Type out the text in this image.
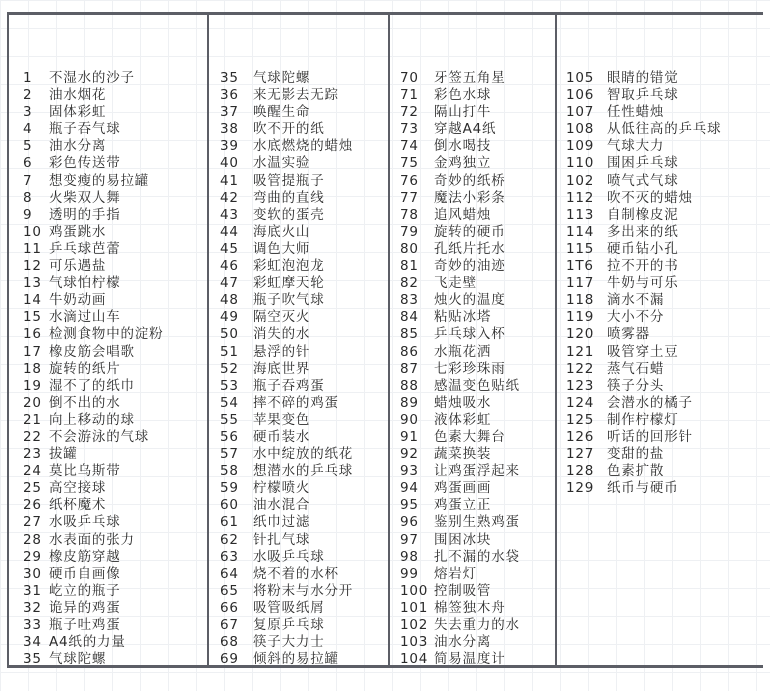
1 不湿水的沙子
2 油水烟花
3 固体彩虹
4 瓶子吞气球
5 油水分离
6 彩色传送带
7 想变瘦的易拉罐
8 火柴双人舞
9 透明的手指
10 鸡蛋跳水
11 乒乓球芭蕾
12 可乐遇盐
13 气球怕柠檬
14 牛奶动画
15 水滴过山车
16 检测食物中的淀粉
17 橡皮筋会唱歌
18 旋转的纸片
19 湿不了的纸巾
20 倒不出的水
21 向上移动的球
22 不会游泳的气球
23 拔罐
24 莫比乌斯带
25 高空接球
26 纸杯魔术
27 水吸乒乓球
28 水表面的张力
29 橡皮筋穿越
30 硬币自画像
31 屹立的瓶子
32 诡异的鸡蛋
33 瓶子吐鸡蛋
34 A4纸的力量
35 气球陀螺
35 气球陀螺
36 来无影去无踪
37 唤醒生命
38 吹不开的纸
39 水底燃烧的蜡烛
40 水温实验
41 吸管提瓶子
42 弯曲的直线
43 变软的蛋壳
44 海底火山
45 调色大师
46 彩虹泡泡龙
47 彩虹摩天轮
48 瓶子吹气球
49 隔空灭火
50 消失的水
51 悬浮的针
52 海底世界
53 瓶子吞鸡蛋
54 摔不碎的鸡蛋
55 苹果变色
56 硬币装水
57 水中绽放的纸花
58 想潜水的乒乓球
59 柠檬喷火
60 油水混合
61 纸巾过滤
62 针扎气球
63 水吸乒乓球
64 烧不着的水杯
65 将粉末与水分开
66 吸管吸纸屑
67 复原乒乓球
68 筷子大力士
69 倾斜的易拉罐
70 牙签五角星
71 彩色水球
72 隔山打牛
73 穿越A4纸
74 倒水喝技
75 金鸡独立
76 奇妙的纸桥
77 魔法小彩条
78 追风蜡烛
79 旋转的硬币
80 孔纸片托水
81 奇妙的油迹
82 飞走壁
83 烛火的温度
84 粘贴冰塔
85 乒乓球入杯
86 水瓶花洒
87 七彩珍珠雨
88 感温变色贴纸
89 蜡烛吸水
90 液体彩虹
91 色素大舞台
92 蔬菜换装
93 让鸡蛋浮起来
94 鸡蛋画画
95 鸡蛋立正
96 鉴别生熟鸡蛋
97 围困冰块
98 扎不漏的水袋
99 熔岩灯
100 控制吸管
101 棉签独木舟
102 失去重力的水
103 油水分离
104 简易温度计
105 眼睛的错觉
106 智取乒乓球
107 任性蜡烛
108 从低往高的乒乓球
109 气球大力
110 围困乒乓球
102 喷气式气球
112 吹不灭的蜡烛
113 自制橡皮泥
114 多出来的纸
115 硬币钻小孔
1T6 拉不开的书
117 牛奶与可乐
118 滴水不漏
119 大小不分
120 喷雾器
121 吸管穿土豆
122 蒸气石蜡
123 筷子分头
124 会潜水的橘子
125 制作柠檬灯
126 听话的回形针
127 变甜的盐
128 色素扩散
129 纸币与硬币
